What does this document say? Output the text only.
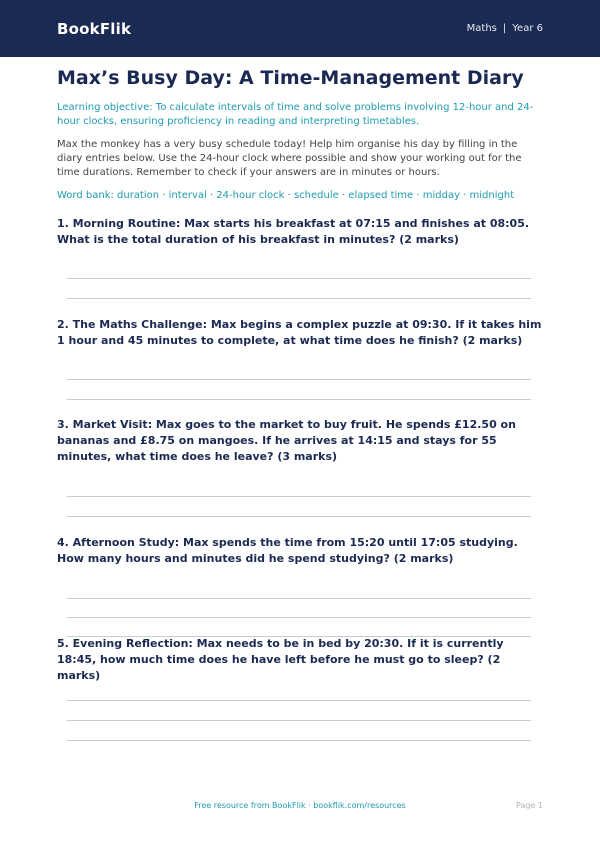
BookFlik	Maths | Year 6
Max’s Busy Day: A Time-Management Diary
Learning objective: To calculate intervals of time and solve problems involving 12-hour and 24-hour clocks, ensuring proficiency in reading and interpreting timetables.
Max the monkey has a very busy schedule today! Help him organise his day by filling in the diary entries below. Use the 24-hour clock where possible and show your working out for the time durations. Remember to check if your answers are in minutes or hours.
Word bank: duration · interval · 24-hour clock · schedule · elapsed time · midday · midnight
1. Morning Routine: Max starts his breakfast at 07:15 and finishes at 08:05. What is the total duration of his breakfast in minutes? (2 marks)
2. The Maths Challenge: Max begins a complex puzzle at 09:30. If it takes him 1 hour and 45 minutes to complete, at what time does he finish? (2 marks)
3. Market Visit: Max goes to the market to buy fruit. He spends £12.50 on bananas and £8.75 on mangoes. If he arrives at 14:15 and stays for 55 minutes, what time does he leave? (3 marks)
4. Afternoon Study: Max spends the time from 15:20 until 17:05 studying. How many hours and minutes did he spend studying? (2 marks)
5. Evening Reflection: Max needs to be in bed by 20:30. If it is currently 18:45, how much time does he have left before he must go to sleep? (2 marks)
Free resource from BookFlik · bookflik.com/resources	Page 1
